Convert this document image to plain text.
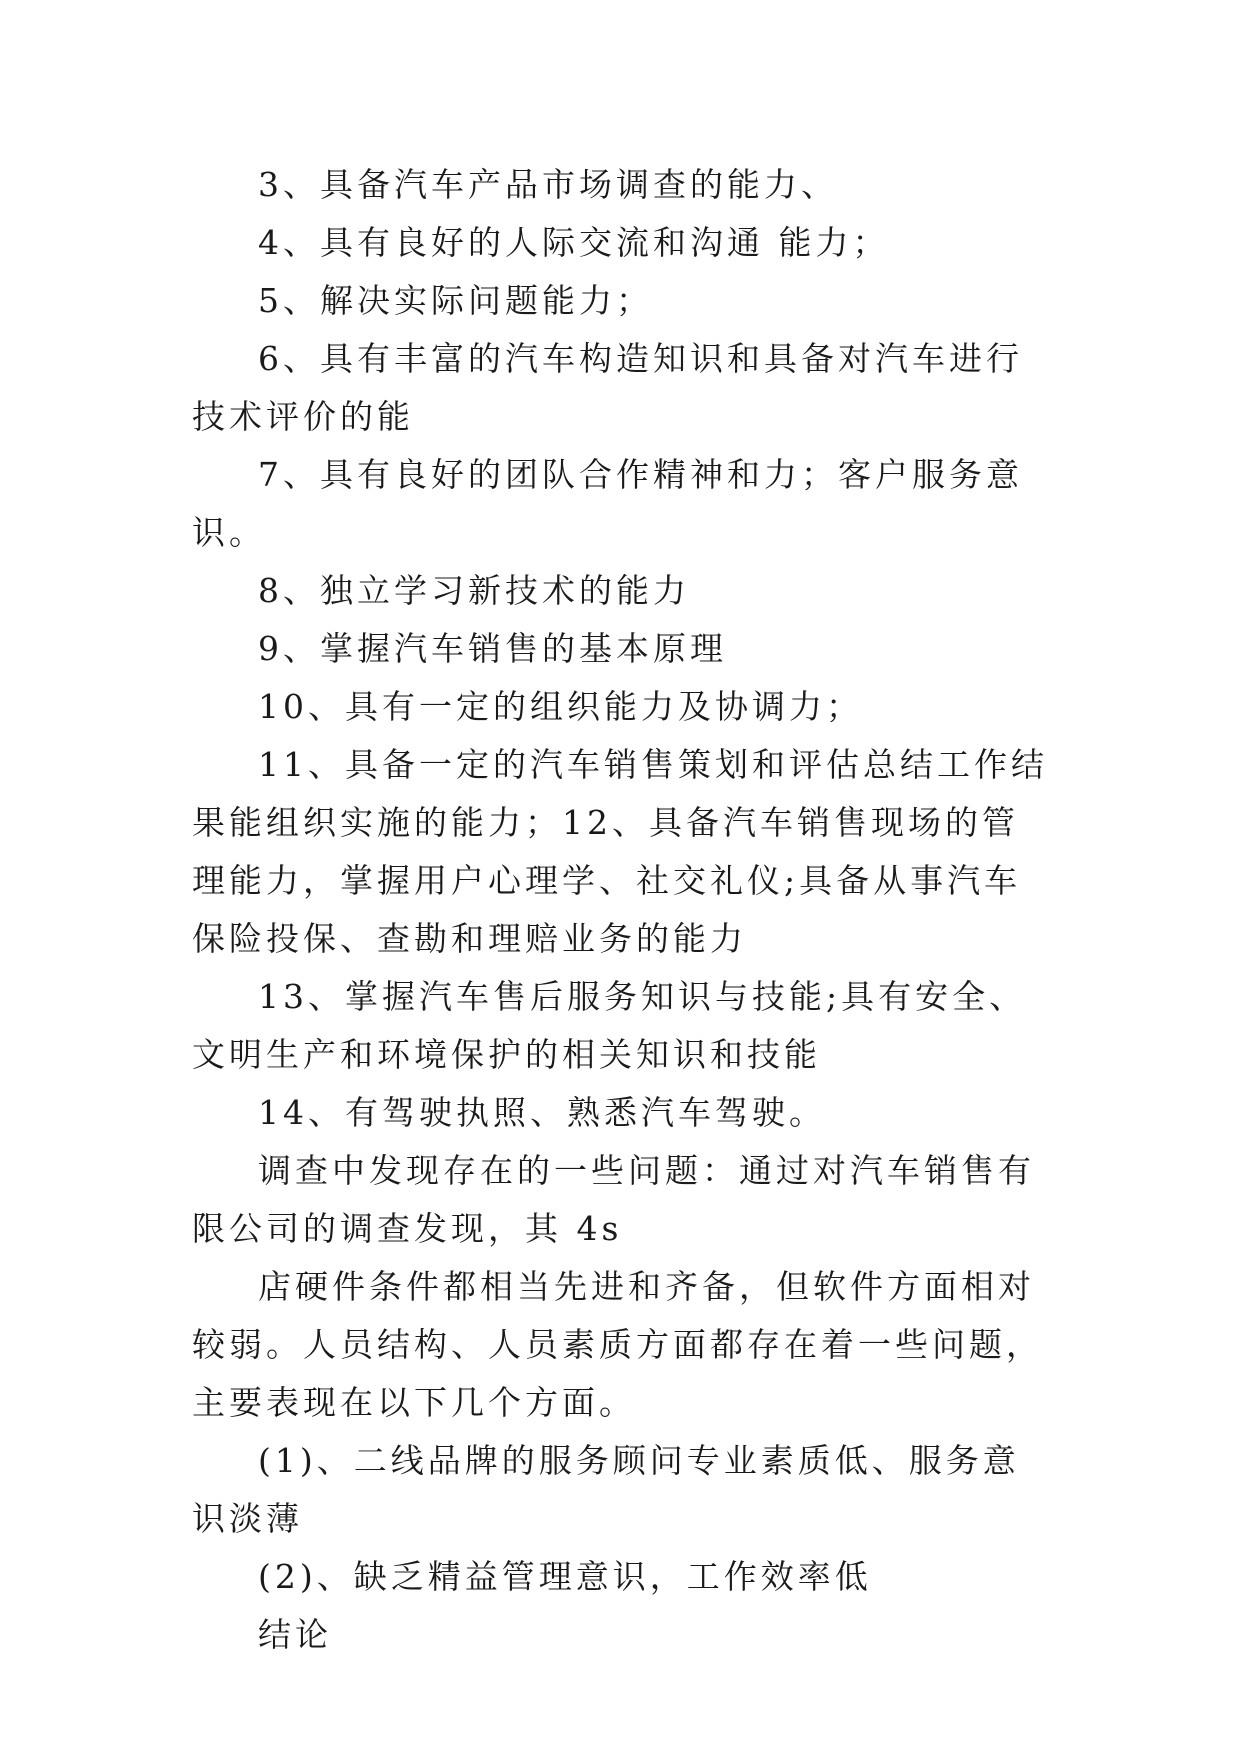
3、具备汽车产品市场调查的能力、

4、具有良好的人际交流和沟通 能力；

5、解决实际问题能力；

6、具有丰富的汽车构造知识和具备对汽车进行技术评价的能

7、具有良好的团队合作精神和力；客户服务意识。

8、独立学习新技术的能力

9、掌握汽车销售的基本原理

10、具有一定的组织能力及协调力；

11、具备一定的汽车销售策划和评估总结工作结果能组织实施的能力；12、具备汽车销售现场的管理能力，掌握用户心理学、社交礼仪;具备从事汽车保险投保、查勘和理赔业务的能力

13、掌握汽车售后服务知识与技能;具有安全、文明生产和环境保护的相关知识和技能

14、有驾驶执照、熟悉汽车驾驶。

调查中发现存在的一些问题：通过对汽车销售有限公司的调查发现，其 4s

店硬件条件都相当先进和齐备，但软件方面相对较弱。人员结构、人员素质方面都存在着一些问题，主要表现在以下几个方面。

(1)、二线品牌的服务顾问专业素质低、服务意识淡薄

(2)、缺乏精益管理意识，工作效率低

结论
